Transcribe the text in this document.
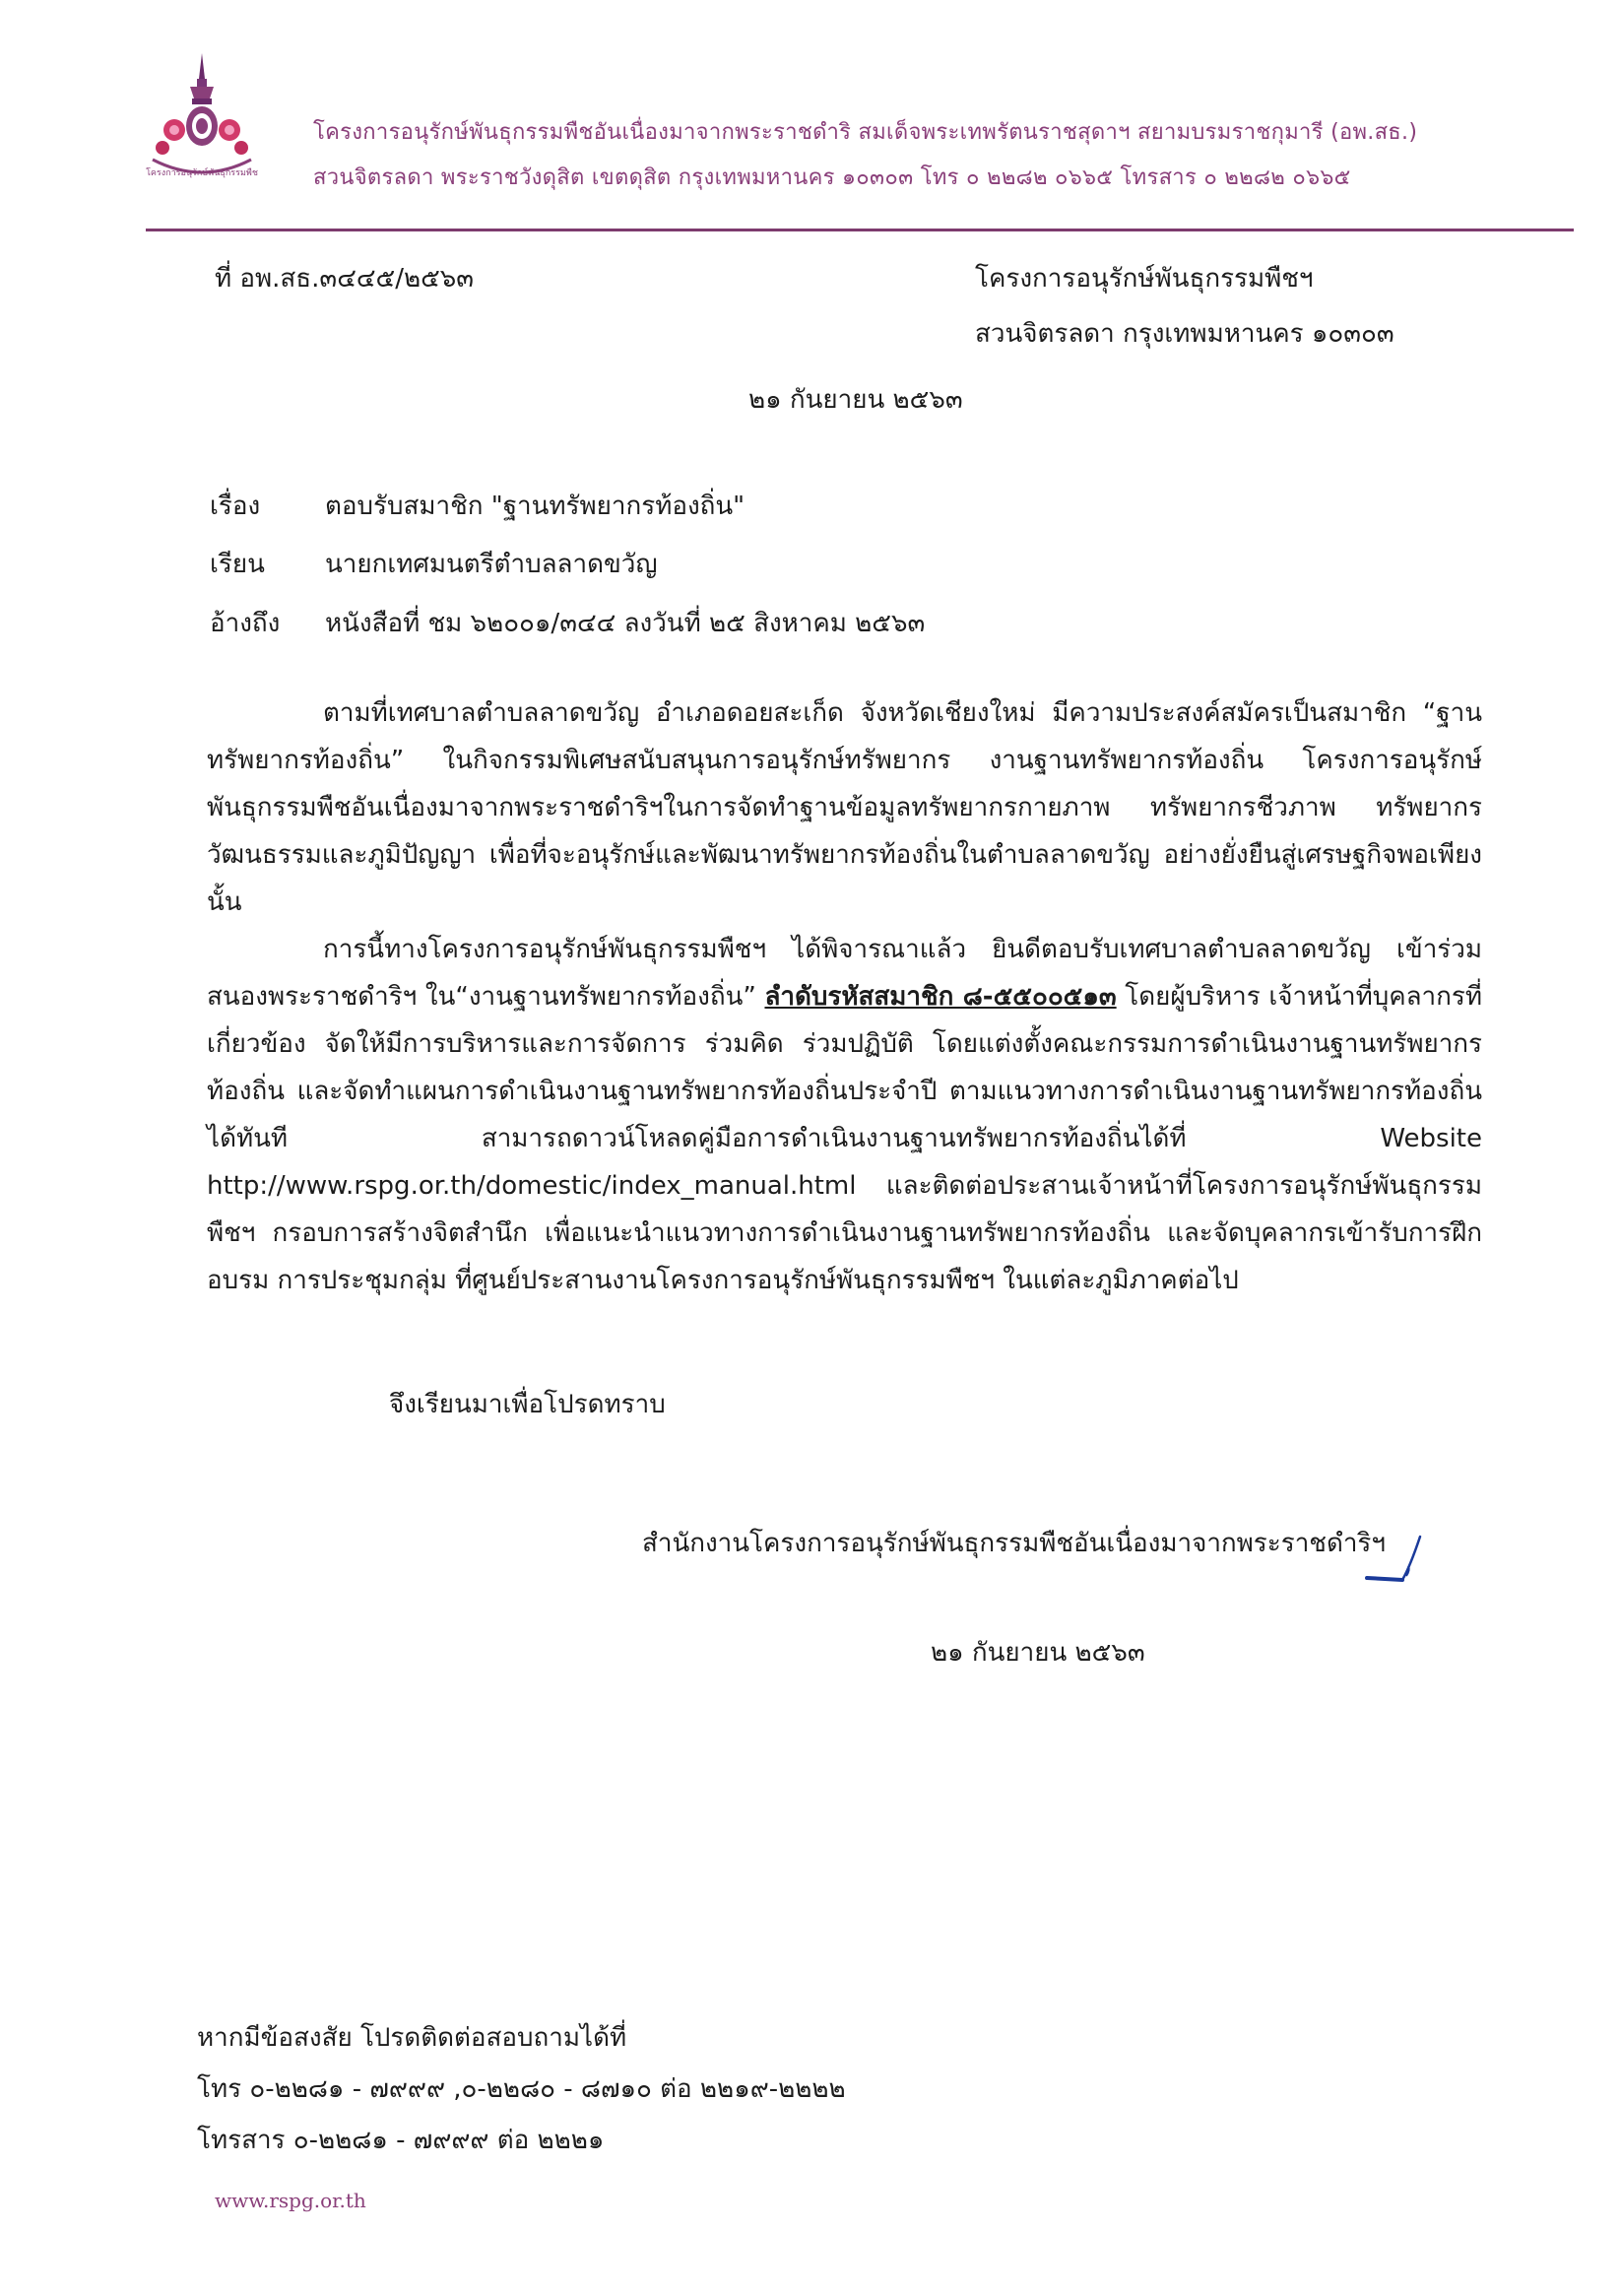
โครงการอนุรักษ์พันธุกรรมพืช
โครงการอนุรักษ์พันธุกรรมพืชอันเนื่องมาจากพระราชดำริ สมเด็จพระเทพรัตนราชสุดาฯ สยามบรมราชกุมารี (อพ.สธ.)
สวนจิตรลดา พระราชวังดุสิต เขตดุสิต กรุงเทพมหานคร ๑๐๓๐๓ โทร ๐ ๒๒๘๒ ๐๖๖๕ โทรสาร ๐ ๒๒๘๒ ๐๖๖๕
ที่ อพ.สธ.๓๔๔๕/๒๕๖๓	โครงการอนุรักษ์พันธุกรรมพืชฯ
สวนจิตรลดา กรุงเทพมหานคร ๑๐๓๐๓
๒๑ กันยายน ๒๕๖๓
เรื่อง	ตอบรับสมาชิก "ฐานทรัพยากรท้องถิ่น"
เรียน นายกเทศมนตรีตำบลลาดขวัญ
อ้างถึง หนังสือที่ ชม ๖๒๐๐๑/๓๔๔ ลงวันที่ ๒๕ สิงหาคม ๒๕๖๓

ตามที่เทศบาลตำบลลาดขวัญ อำเภอดอยสะเก็ด จังหวัดเชียงใหม่ มีความประสงค์สมัครเป็นสมาชิก “ฐานทรัพยากรท้องถิ่น” ในกิจกรรมพิเศษสนับสนุนการอนุรักษ์ทรัพยากร งานฐานทรัพยากรท้องถิ่น โครงการอนุรักษ์พันธุกรรมพืชอันเนื่องมาจากพระราชดำริฯในการจัดทำฐานข้อมูลทรัพยากรกายภาพ ทรัพยากรชีวภาพ ทรัพยากรวัฒนธรรมและภูมิปัญญา เพื่อที่จะอนุรักษ์และพัฒนาทรัพยากรท้องถิ่นในตำบลลาดขวัญ อย่างยั่งยืนสู่เศรษฐกิจพอเพียง นั้น

การนี้ทางโครงการอนุรักษ์พันธุกรรมพืชฯ ได้พิจารณาแล้ว ยินดีตอบรับเทศบาลตำบลลาดขวัญ เข้าร่วมสนองพระราชดำริฯ ใน“งานฐานทรัพยากรท้องถิ่น” ลำดับรหัสสมาชิก ๘-๕๕๐๐๕๑๓ โดยผู้บริหาร เจ้าหน้าที่บุคลากรที่เกี่ยวข้อง จัดให้มีการบริหารและการจัดการ ร่วมคิด ร่วมปฏิบัติ โดยแต่งตั้งคณะกรรมการดำเนินงานฐานทรัพยากรท้องถิ่น และจัดทำแผนการดำเนินงานฐานทรัพยากรท้องถิ่นประจำปี ตามแนวทางการดำเนินงานฐานทรัพยากรท้องถิ่นได้ทันที สามารถดาวน์โหลดคู่มือการดำเนินงานฐานทรัพยากรท้องถิ่นได้ที่ Website http://www.rspg.or.th/domestic/index_manual.html และติดต่อประสานเจ้าหน้าที่โครงการอนุรักษ์พันธุกรรมพืชฯ กรอบการสร้างจิตสำนึก เพื่อแนะนำแนวทางการดำเนินงานฐานทรัพยากรท้องถิ่น และจัดบุคลากรเข้ารับการฝึกอบรม การประชุมกลุ่ม ที่ศูนย์ประสานงานโครงการอนุรักษ์พันธุกรรมพืชฯ ในแต่ละภูมิภาคต่อไป

จึงเรียนมาเพื่อโปรดทราบ
สำนักงานโครงการอนุรักษ์พันธุกรรมพืชอันเนื่องมาจากพระราชดำริฯ
๒๑ กันยายน ๒๕๖๓
หากมีข้อสงสัย โปรดติดต่อสอบถามได้ที่
โทร ๐-๒๒๘๑ - ๗๙๙๙ ,๐-๒๒๘๐ - ๘๗๑๐ ต่อ ๒๒๑๙-๒๒๒๒
โทรสาร ๐-๒๒๘๑ - ๗๙๙๙ ต่อ ๒๒๒๑
www.rspg.or.th
